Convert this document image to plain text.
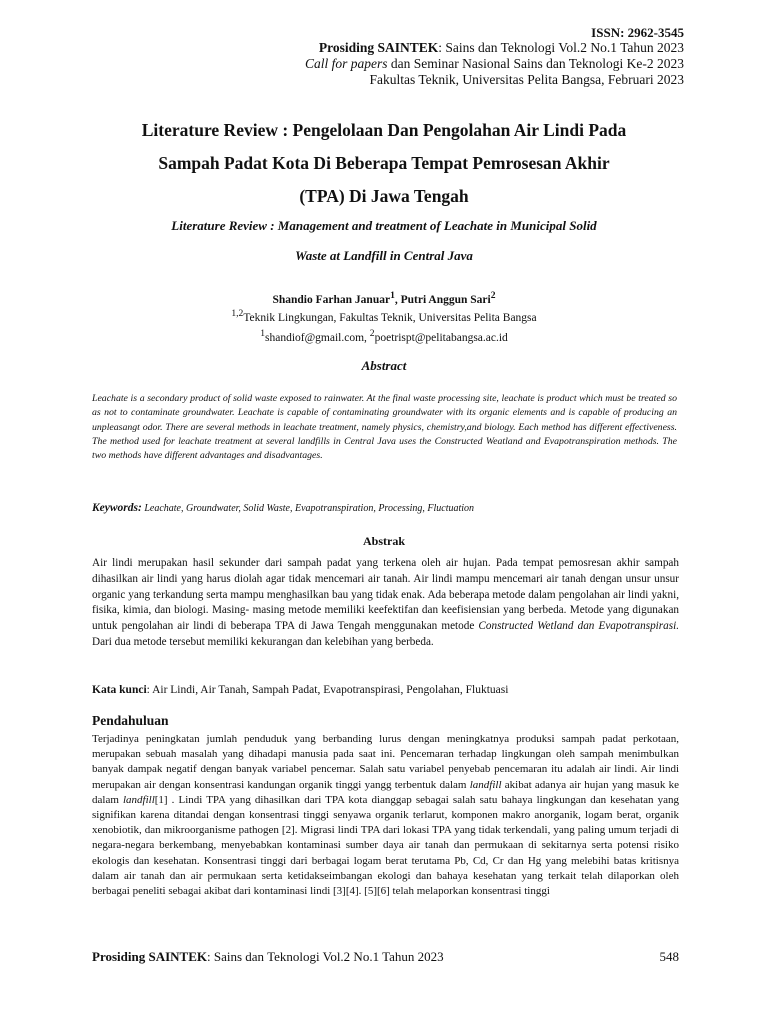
ISSN: 2962-3545
Prosiding SAINTEK: Sains dan Teknologi Vol.2 No.1 Tahun 2023
Call for papers dan Seminar Nasional Sains dan Teknologi Ke-2 2023
Fakultas Teknik, Universitas Pelita Bangsa, Februari 2023
Literature Review : Pengelolaan Dan Pengolahan Air Lindi Pada
Sampah Padat Kota Di Beberapa Tempat Pemrosesan Akhir
(TPA) Di Jawa Tengah
Literature Review : Management and treatment of Leachate in Municipal Solid
Waste at Landfill in Central Java
Shandio Farhan Januar$^1$, Putri Anggun Sari$^2$
$^{1,2}$Teknik Lingkungan, Fakultas Teknik, Universitas Pelita Bangsa
$^1$shandiof@gmail.com, $^2$poetrispt@pelitabangsa.ac.id
Abstract

Leachate is a secondary product of solid waste exposed to rainwater. At the final waste processing site, leachate is product which must be treated so as not to contaminate groundwater. Leachate is capable of contaminating groundwater with its organic elements and is capable of producing an unpleasangt odor. There are several methods in leachate treatment, namely physics, chemistry,and biology. Each method has different effectiveness. The method used for leachate treatment at several landfills in Central Java uses the Constructed Weatland and Evapotranspiration methods. The two methods have different advantages and disadvantages.

Keywords: Leachate, Groundwater, Solid Waste, Evapotranspiration, Processing, Fluctuation
Abstrak

Air lindi merupakan hasil sekunder dari sampah padat yang terkena oleh air hujan. Pada tempat pemosresan akhir sampah dihasilkan air lindi yang harus diolah agar tidak mencemari air tanah. Air lindi mampu mencemari air tanah dengan unsur unsur organic yang terkandung serta mampu menghasilkan bau yang tidak enak. Ada beberapa metode dalam pengolahan air lindi yakni, fisika, kimia, dan biologi. Masing- masing metode memiliki keefektifan dan keefisiensian yang berbeda. Metode yang digunakan untuk pengolahan air lindi di beberapa TPA di Jawa Tengah menggunakan metode Constructed Wetland dan Evapotranspirasi. Dari dua metode tersebut memiliki kekurangan dan kelebihan yang berbeda.

Kata kunci: Air Lindi, Air Tanah, Sampah Padat, Evapotranspirasi, Pengolahan, Fluktuasi
Pendahuluan

Terjadinya peningkatan jumlah penduduk yang berbanding lurus dengan meningkatnya produksi sampah padat perkotaan, merupakan sebuah masalah yang dihadapi manusia pada saat ini. Pencemaran terhadap lingkungan oleh sampah menimbulkan banyak dampak negatif dengan banyak variabel pencemar. Salah satu variabel penyebab pencemaran itu adalah air lindi. Air lindi merupakan air dengan konsentrasi kandungan organik tinggi yangg terbentuk dalam landfill akibat adanya air hujan yang masuk ke dalam landfill[1] . Lindi TPA yang dihasilkan dari TPA kota dianggap sebagai salah satu bahaya lingkungan dan kesehatan yang signifikan karena ditandai dengan konsentrasi tinggi senyawa organik terlarut, komponen makro anorganik, logam berat, organik xenobiotik, dan mikroorganisme pathogen [2]. Migrasi lindi TPA dari lokasi TPA yang tidak terkendali, yang paling umum terjadi di negara-negara berkembang, menyebabkan kontaminasi sumber daya air tanah dan permukaan di sekitarnya serta potensi risiko ekologis dan kesehatan. Konsentrasi tinggi dari berbagai logam berat terutama Pb, Cd, Cr dan Hg yang melebihi batas kritisnya dalam air tanah dan air permukaan serta ketidakseimbangan ekologi dan bahaya kesehatan yang terkait telah dilaporkan oleh berbagai peneliti sebagai akibat dari kontaminasi lindi [3][4]. [5][6] telah melaporkan konsentrasi tinggi

Prosiding SAINTEK: Sains dan Teknologi Vol.2 No.1 Tahun 2023	548
